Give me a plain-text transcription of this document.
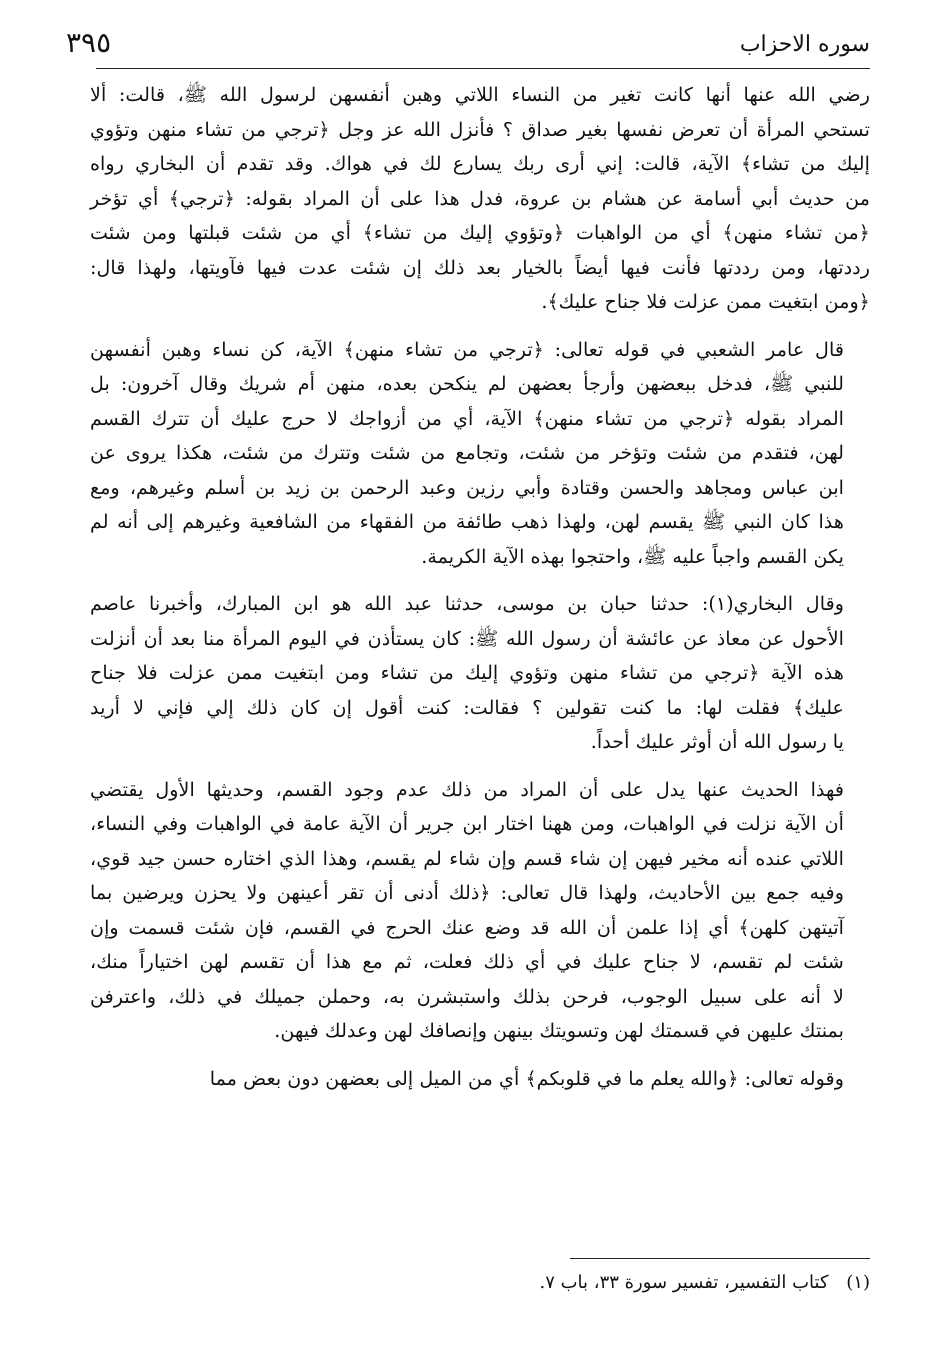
سوره الاحزاب
٣٩٥

رضي الله عنها أنها كانت تغير من النساء اللاتي وهبن أنفسهن لرسول الله ﷺ، قالت: ألا
تستحي المرأة أن تعرض نفسها بغير صداق ؟ فأنزل الله عز وجل ﴿ترجي من تشاء منهن وتؤوي
إليك من تشاء﴾ الآية، قالت: إني أرى ربك يسارع لك في هواك. وقد تقدم أن البخاري رواه
من حديث أبي أسامة عن هشام بن عروة، فدل هذا على أن المراد بقوله: ﴿ترجي﴾ أي تؤخر
﴿من تشاء منهن﴾ أي من الواهبات ﴿وتؤوي إليك من تشاء﴾ أي من شئت قبلتها ومن شئت
رددتها، ومن رددتها فأنت فيها أيضاً بالخيار بعد ذلك إن شئت عدت فيها فآويتها، ولهذا قال:
﴿ومن ابتغيت ممن عزلت فلا جناح عليك﴾.

قال عامر الشعبي في قوله تعالى: ﴿ترجي من تشاء منهن﴾ الآية، كن نساء وهبن أنفسهن
للنبي ﷺ، فدخل ببعضهن وأرجأ بعضهن لم ينكحن بعده، منهن أم شريك وقال آخرون: بل
المراد بقوله ﴿ترجي من تشاء منهن﴾ الآية، أي من أزواجك لا حرج عليك أن تترك القسم
لهن، فتقدم من شئت وتؤخر من شئت، وتجامع من شئت وتترك من شئت، هكذا يروى عن
ابن عباس ومجاهد والحسن وقتادة وأبي رزين وعبد الرحمن بن زيد بن أسلم وغيرهم، ومع
هذا كان النبي ﷺ يقسم لهن، ولهذا ذهب طائفة من الفقهاء من الشافعية وغيرهم إلى أنه لم
يكن القسم واجباً عليه ﷺ، واحتجوا بهذه الآية الكريمة.

وقال البخاري(١): حدثنا حبان بن موسى، حدثنا عبد الله هو ابن المبارك، وأخبرنا عاصم
الأحول عن معاذ عن عائشة أن رسول الله ﷺ: كان يستأذن في اليوم المرأة منا بعد أن أنزلت
هذه الآية ﴿ترجي من تشاء منهن وتؤوي إليك من تشاء ومن ابتغيت ممن عزلت فلا جناح
عليك﴾ فقلت لها: ما كنت تقولين ؟ فقالت: كنت أقول إن كان ذلك إلي فإني لا أريد
يا رسول الله أن أوثر عليك أحداً.

فهذا الحديث عنها يدل على أن المراد من ذلك عدم وجود القسم، وحديثها الأول يقتضي
أن الآية نزلت في الواهبات، ومن ههنا اختار ابن جرير أن الآية عامة في الواهبات وفي النساء،
اللاتي عنده أنه مخير فيهن إن شاء قسم وإن شاء لم يقسم، وهذا الذي اختاره حسن جيد قوي،
وفيه جمع بين الأحاديث، ولهذا قال تعالى: ﴿ذلك أدنى أن تقر أعينهن ولا يحزن ويرضين بما
آتيتهن كلهن﴾ أي إذا علمن أن الله قد وضع عنك الحرج في القسم، فإن شئت قسمت وإن
شئت لم تقسم، لا جناح عليك في أي ذلك فعلت، ثم مع هذا أن تقسم لهن اختياراً منك،
لا أنه على سبيل الوجوب، فرحن بذلك واستبشرن به، وحملن جميلك في ذلك، واعترفن
بمنتك عليهن في قسمتك لهن وتسويتك بينهن وإنصافك لهن وعدلك فيهن.

وقوله تعالى: ﴿والله يعلم ما في قلوبكم﴾ أي من الميل إلى بعضهن دون بعض مما

(١) كتاب التفسير، تفسير سورة ٣٣، باب ٧.
